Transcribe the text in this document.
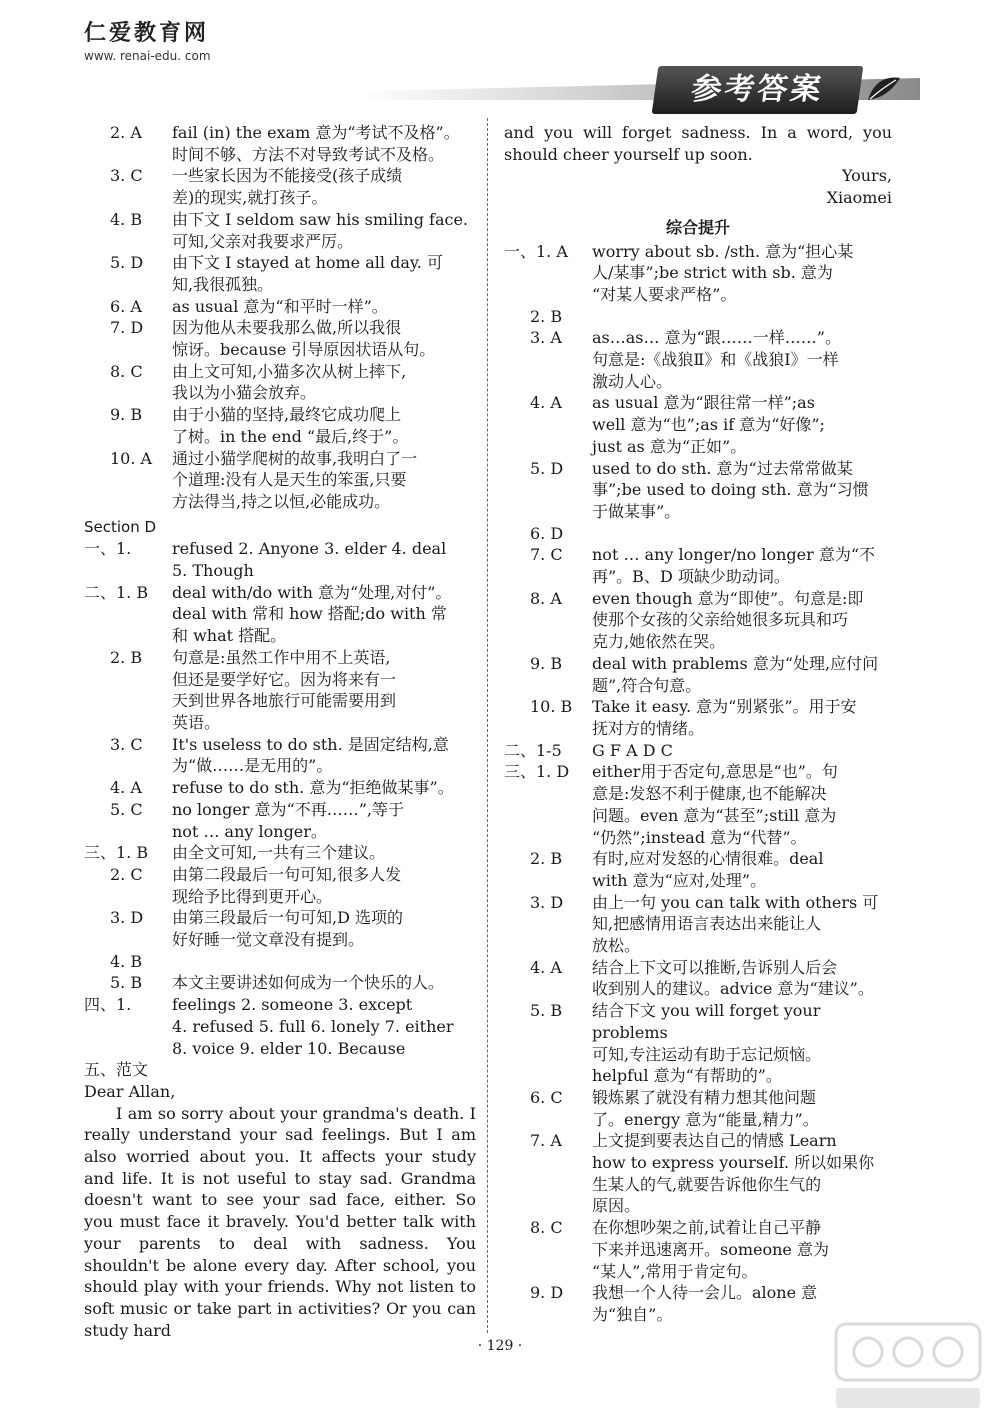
仁爱教育网
www. renai-edu. com
参考答案
2. A	fail (in) the exam 意为“考试不及格”。
时间不够、方法不对导致考试不及格。
3. C	一些家长因为不能接受(孩子成绩
差)的现实,就打孩子。
4. B	由下文 I seldom saw his smiling face.
可知,父亲对我要求严厉。
5. D	由下文 I stayed at home all day. 可
知,我很孤独。
6. A	as usual 意为“和平时一样”。
7. D	因为他从未要我那么做,所以我很
惊讶。because 引导原因状语从句。
8. C	由上文可知,小猫多次从树上摔下,
我以为小猫会放弃。
9. B	由于小猫的坚持,最终它成功爬上
了树。in the end “最后,终于”。
10. A	通过小猫学爬树的故事,我明白了一
个道理:没有人是天生的笨蛋,只要
方法得当,持之以恒,必能成功。
Section D
一、1.	refused 2. Anyone 3. elder 4. deal
5. Though
二、1. B	deal with/do with 意为“处理,对付”。
deal with 常和 how 搭配;do with 常
和 what 搭配。
2. B	句意是:虽然工作中用不上英语,
但还是要学好它。因为将来有一
天到世界各地旅行可能需要用到
英语。
3. C	It's useless to do sth. 是固定结构,意
为“做……是无用的”。
4. A	refuse to do sth. 意为“拒绝做某事”。
5. C	no longer 意为“不再……”,等于
not … any longer。
三、1. B	由全文可知,一共有三个建议。
2. C	由第二段最后一句可知,很多人发
现给予比得到更开心。
3. D	由第三段最后一句可知,D 选项的
好好睡一觉文章没有提到。
4. B
5. B	本文主要讲述如何成为一个快乐的人。
四、1.	feelings 2. someone 3. except
4. refused 5. full 6. lonely 7. either
8. voice 9. elder 10. Because
五、范文
Dear Allan,
I am so sorry about your grandma's death. I really understand your sad feelings. But I am also worried about you. It affects your study and life. It is not useful to stay sad. Grandma doesn't want to see your sad face, either. So you must face it bravely. You'd better talk with your parents to deal with sadness. You shouldn't be alone every day. After school, you should play with your friends. Why not listen to soft music or take part in activities? Or you can study hard
and you will forget sadness. In a word, you should cheer yourself up soon.
Yours,
Xiaomei
综合提升
一、1. A	worry about sb. /sth. 意为“担心某
人/某事”;be strict with sb. 意为
“对某人要求严格”。
2. B
3. A	as…as… 意为“跟……一样……”。
句意是:《战狼Ⅱ》和《战狼Ⅰ》一样
激动人心。
4. A	as usual 意为“跟往常一样”;as
well 意为“也”;as if 意为“好像”;
just as 意为“正如”。
5. D	used to do sth. 意为“过去常常做某
事”;be used to doing sth. 意为“习惯
于做某事”。
6. D
7. C	not … any longer/no longer 意为“不
再”。B、D 项缺少助动词。
8. A	even though 意为“即使”。句意是:即
使那个女孩的父亲给她很多玩具和巧
克力,她依然在哭。
9. B	deal with prablems 意为“处理,应付问
题”,符合句意。
10. B	Take it easy. 意为“别紧张”。用于安
抚对方的情绪。
二、1-5	G F A D C
三、1. D	either用于否定句,意思是“也”。句
意是:发怒不利于健康,也不能解决
问题。even 意为“甚至”;still 意为
“仍然”;instead 意为“代替”。
2. B	有时,应对发怒的心情很难。deal
with 意为“应对,处理”。
3. D	由上一句 you can talk with others 可
知,把感情用语言表达出来能让人
放松。
4. A	结合上下文可以推断,告诉别人后会
收到别人的建议。advice 意为“建议”。
5. B	结合下文 you will forget your problems
可知,专注运动有助于忘记烦恼。
helpful 意为“有帮助的”。
6. C	锻炼累了就没有精力想其他问题
了。energy 意为“能量,精力”。
7. A	上文提到要表达自己的情感 Learn
how to express yourself. 所以如果你
生某人的气,就要告诉他你生气的
原因。
8. C	在你想吵架之前,试着让自己平静
下来并迅速离开。someone 意为
“某人”,常用于肯定句。
9. D	我想一个人待一会儿。alone 意
为“独自”。
· 129 ·
